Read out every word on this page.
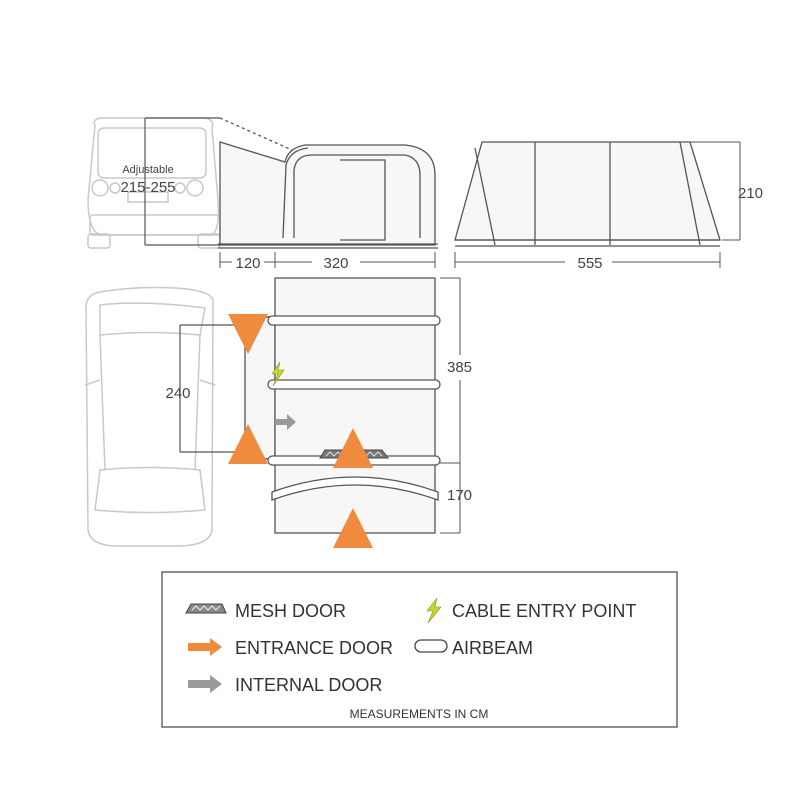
Adjustable
215-255	210
120	320	555
240
385
170
MESH DOOR
ENTRANCE DOOR
INTERNAL DOOR
CABLE ENTRY POINT
AIRBEAM
MEASUREMENTS IN CM
